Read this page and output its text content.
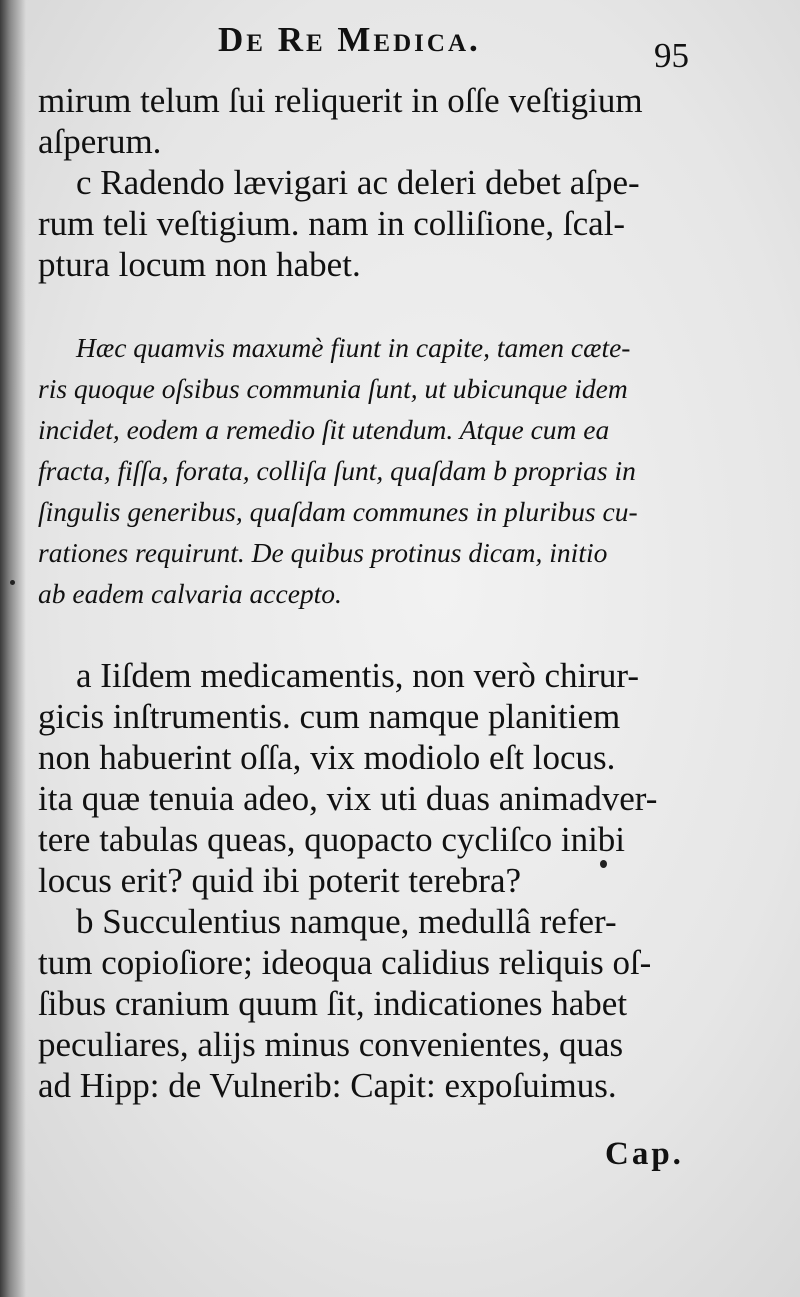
De Re Medica.	95
mirum telum ſui reliquerit in oſſe veſtigium
aſperum.
c Radendo lævigari ac deleri debet aſpe-
rum teli veſtigium. nam in colliſione, ſcal-
ptura locum non habet.
Hæc quamvis maxumè fiunt in capite, tamen cæte-
ris quoque oſsibus communia ſunt, ut ubicunque idem
incidet, eodem a remedio ſit utendum. Atque cum ea
fracta, fiſſa, forata, colliſa ſunt, quaſdam b proprias in
ſingulis generibus, quaſdam communes in pluribus cu-
rationes requirunt. De quibus protinus dicam, initio
ab eadem calvaria accepto.
a Iiſdem medicamentis, non verò chirur-
gicis inſtrumentis. cum namque planitiem
non habuerint oſſa, vix modiolo eſt locus.
ita quæ tenuia adeo, vix uti duas animadver-
tere tabulas queas, quopacto cycliſco inibi
locus erit? quid ibi poterit terebra?
b Succulentius namque, medullâ refer-
tum copioſiore; ideoqua calidius reliquis oſ-
ſibus cranium quum ſit, indicationes habet
peculiares, alijs minus convenientes, quas
ad Hipp: de Vulnerib: Capit: expoſuimus.
Cap.
